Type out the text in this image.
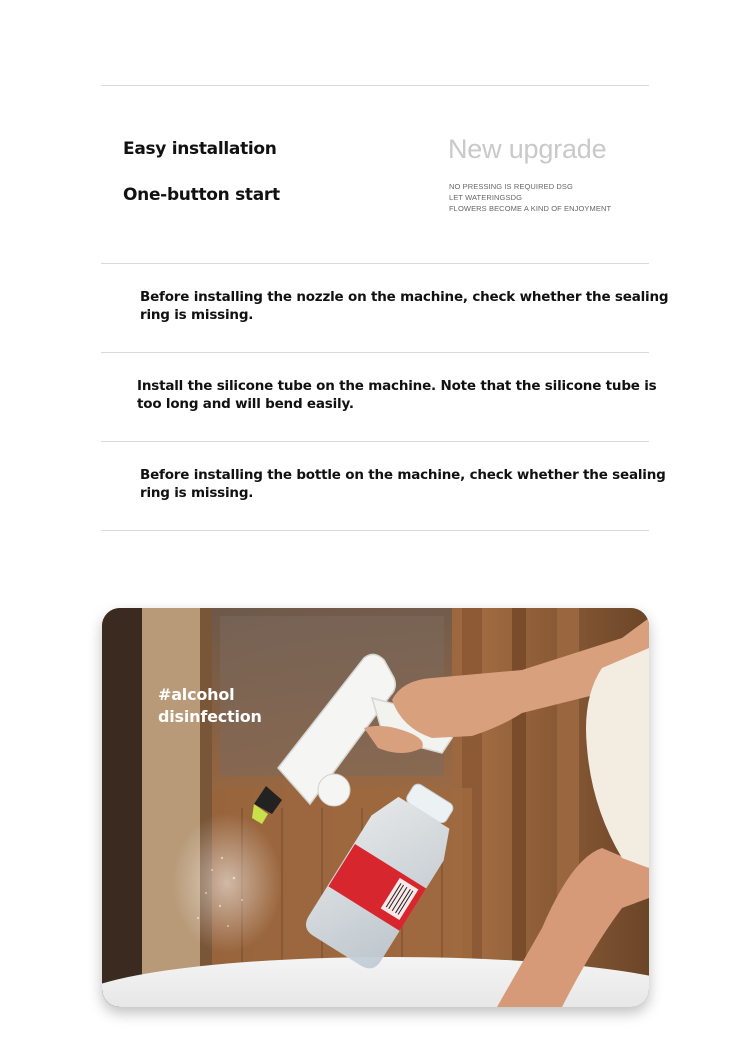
Easy installation
One-button start
New upgrade
NO PRESSING IS REQUIRED DSG
LET WATERINGSDG
FLOWERS BECOME A KIND OF ENJOYMENT
Before installing the nozzle on the machine, check whether the sealing ring is missing.
Install the silicone tube on the machine. Note that the silicone tube is too long and will bend easily.
Before installing the bottle on the machine, check whether the sealing ring is missing.
#alcohol
disinfection
